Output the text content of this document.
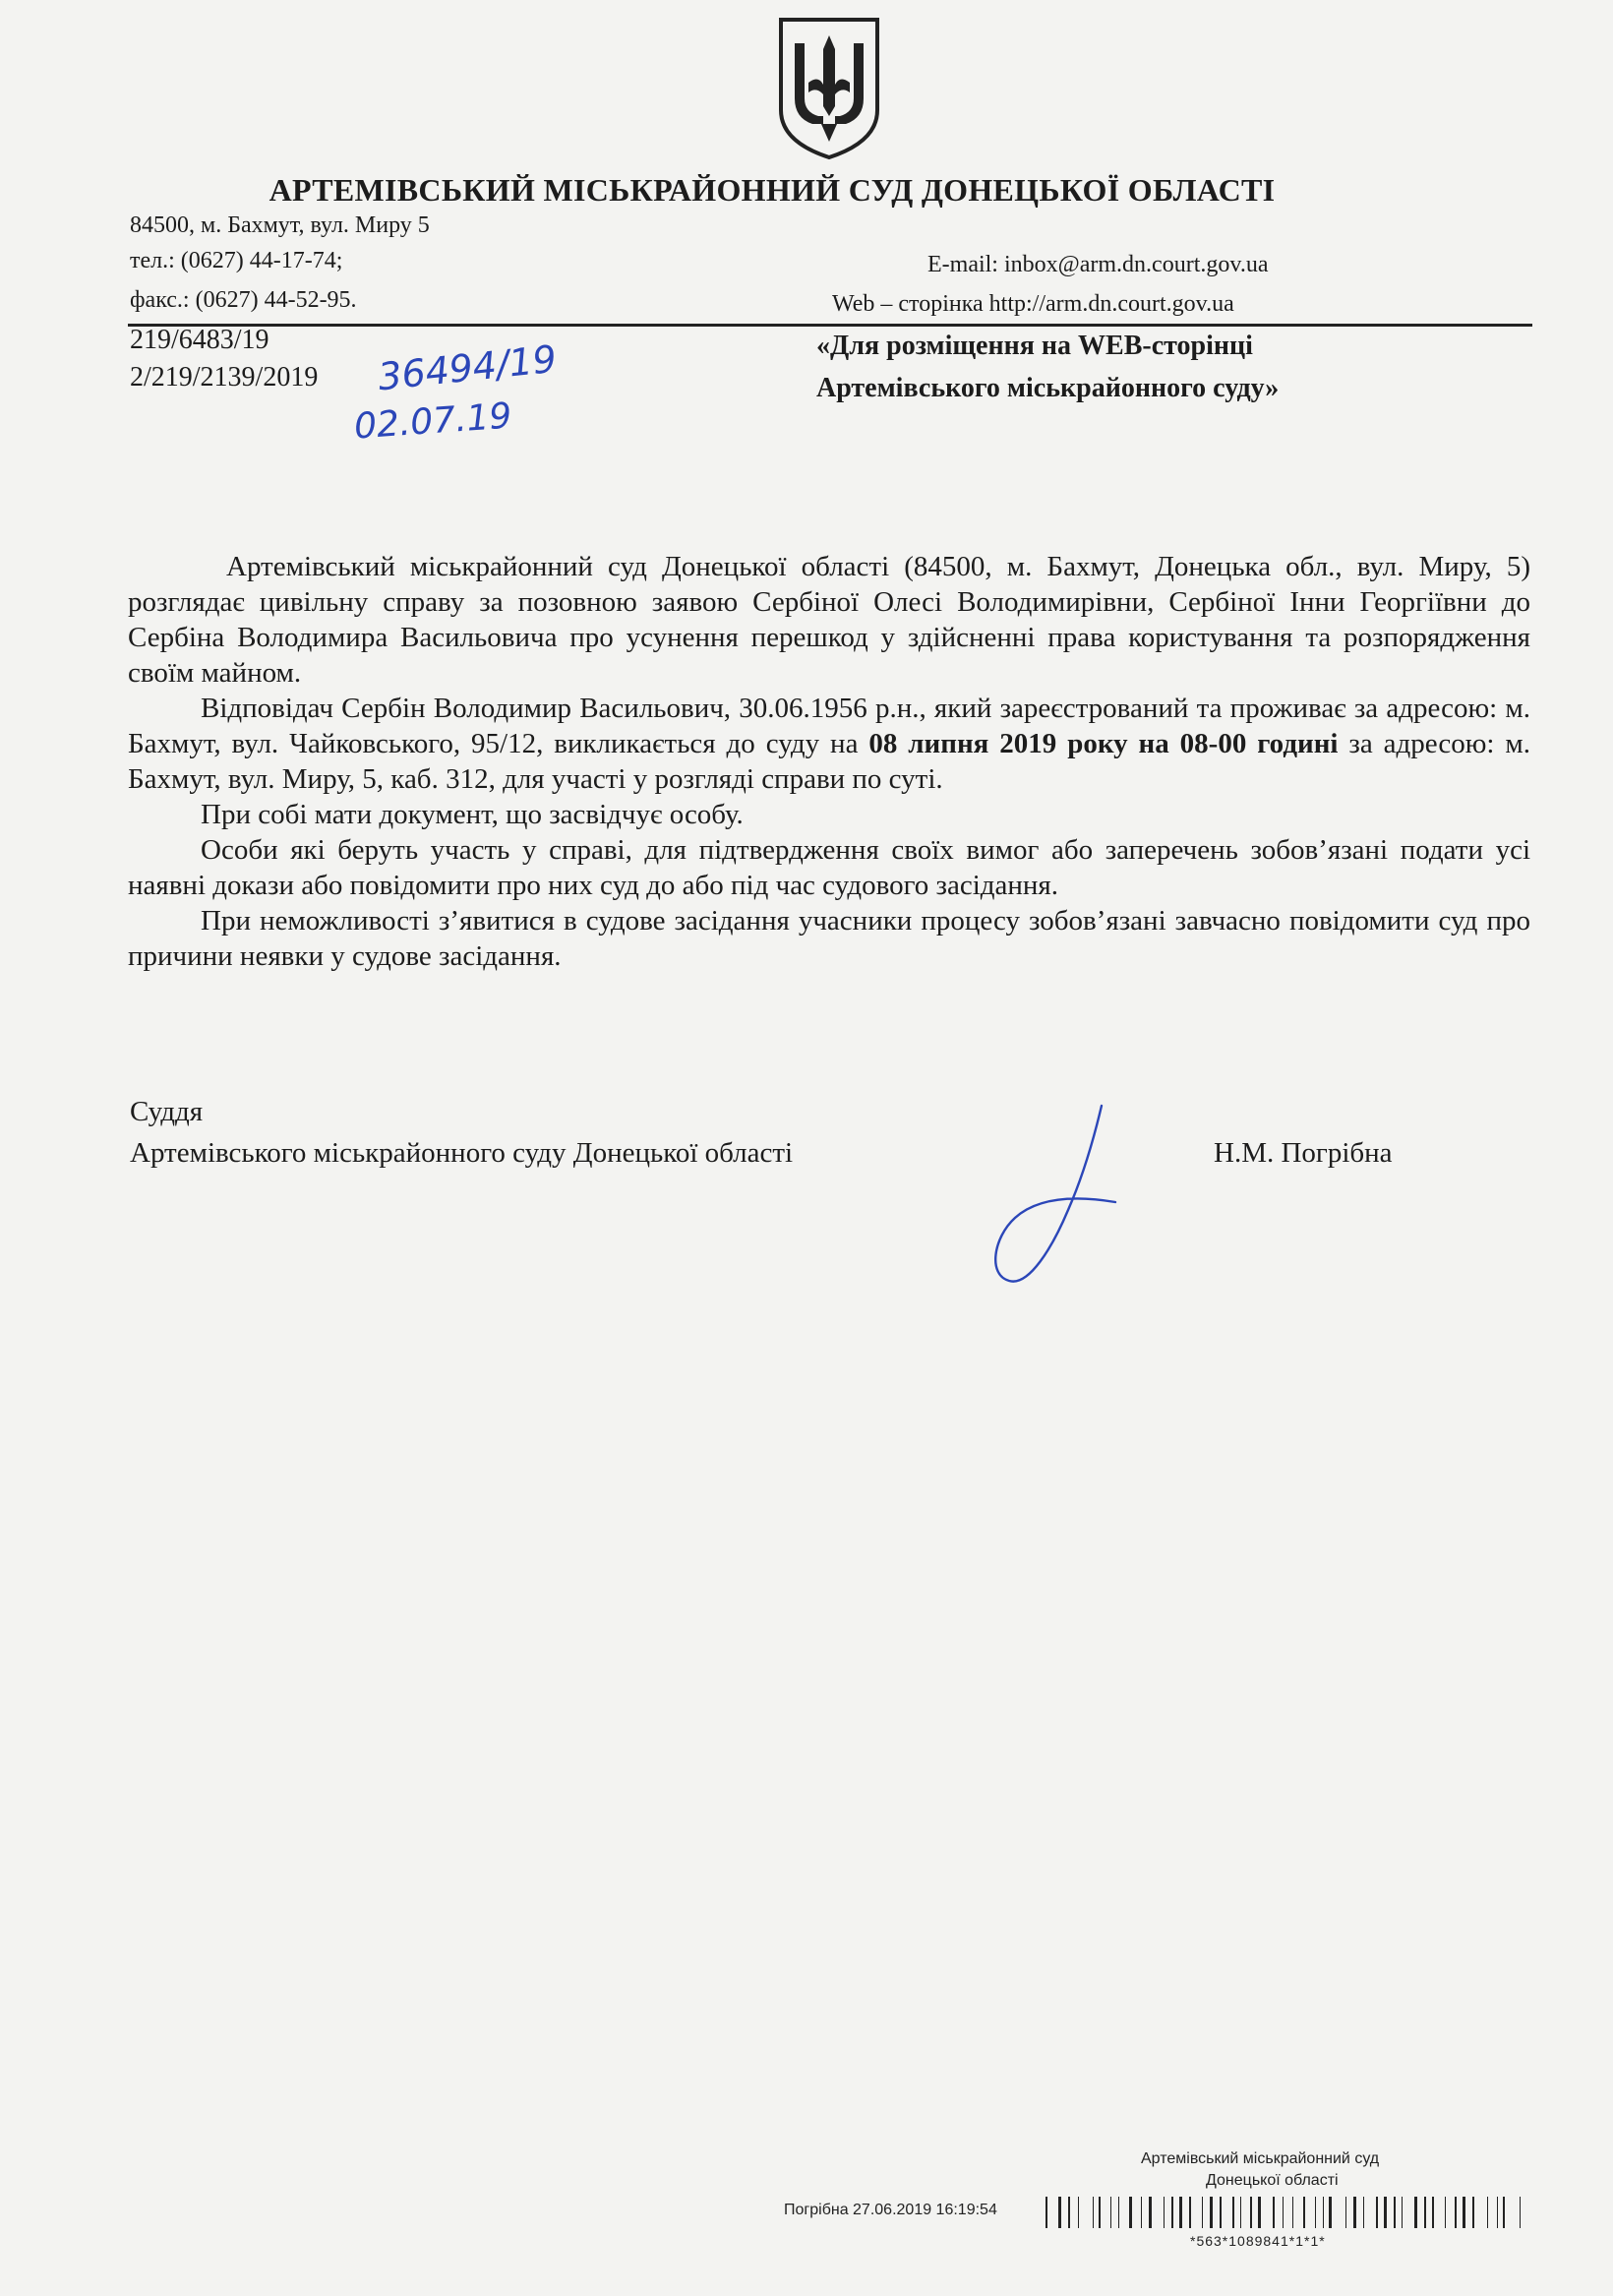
АРТЕМІВСЬКИЙ МІСЬКРАЙОННИЙ СУД ДОНЕЦЬКОЇ ОБЛАСТІ
84500, м. Бахмут, вул. Миру 5
тел.: (0627) 44-17-74;
факс.: (0627) 44-52-95.
E-mail: inbox@arm.dn.court.gov.ua
Web – сторінка http://arm.dn.court.gov.ua
219/6483/19
2/219/2139/2019 36494/19
02.07.19
«Для розміщення на WEB-сторінці
Артемівського міськрайонного суду»

Артемівський міськрайонний суд Донецької області (84500, м. Бахмут, Донецька обл., вул. Миру, 5) розглядає цивільну справу за позовною заявою Сербіної Олесі Володимирівни, Сербіної Інни Георгіївни до Сербіна Володимира Васильовича про усунення перешкод у здійсненні права користування та розпорядження своїм майном.

Відповідач Сербін Володимир Васильович, 30.06.1956 р.н., який зареєстрований та проживає за адресою: м. Бахмут, вул. Чайковського, 95/12, викликається до суду на 08 липня 2019 року на 08-00 годині за адресою: м. Бахмут, вул. Миру, 5, каб. 312, для участі у розгляді справи по суті.

При собі мати документ, що засвідчує особу.

Особи які беруть участь у справі, для підтвердження своїх вимог або заперечень зобов’язані подати усі наявні докази або повідомити про них суд до або під час судового засідання.

При неможливості з’явитися в судове засідання учасники процесу зобов’язані завчасно повідомити суд про причини неявки у судове засідання.

Суддя
Артемівського міськрайонного суду Донецької області	Н.М. Погрібна
Артемівський міськрайонний суд
Донецької області
Погрібна 27.06.2019 16:19:54
*563*1089841*1*1*
